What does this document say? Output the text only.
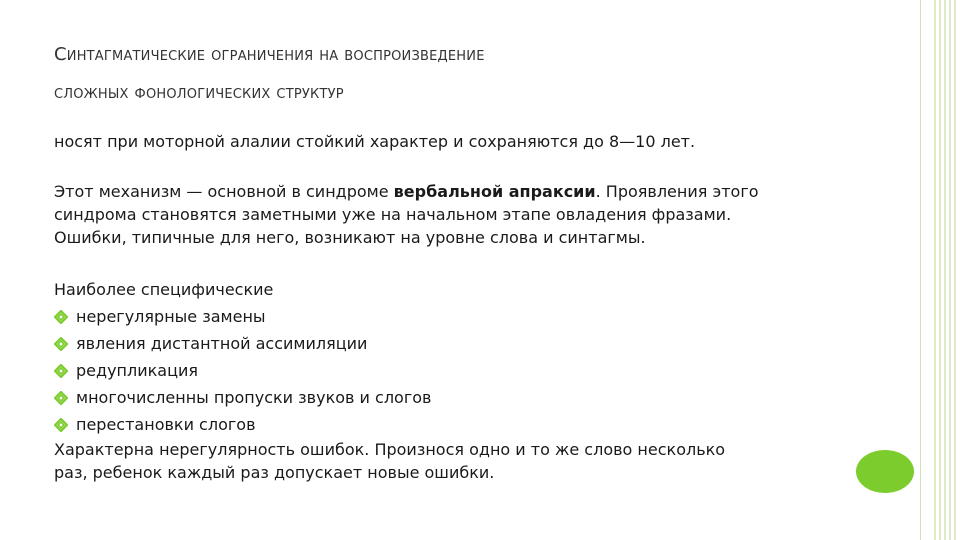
Синтагматические ограничения на воспроизведение
сложных фонологических структур

носят при моторной алалии стойкий характер и сохраняются до 8—10 лет.

Этот механизм — основной в синдроме вербальной апраксии. Проявления этого
синдрома становятся заметными уже на начальном этапе овладения фразами.
Ошибки, типичные для него, возникают на уровне слова и синтагмы.

Наиболее специфические
нерегулярные замены
явления дистантной ассимиляции
редупликация
многочисленны пропуски звуков и слогов
перестановки слогов
Характерна нерегулярность ошибок. Произнося одно и то же слово несколько
раз, ребенок каждый раз допускает новые ошибки.
